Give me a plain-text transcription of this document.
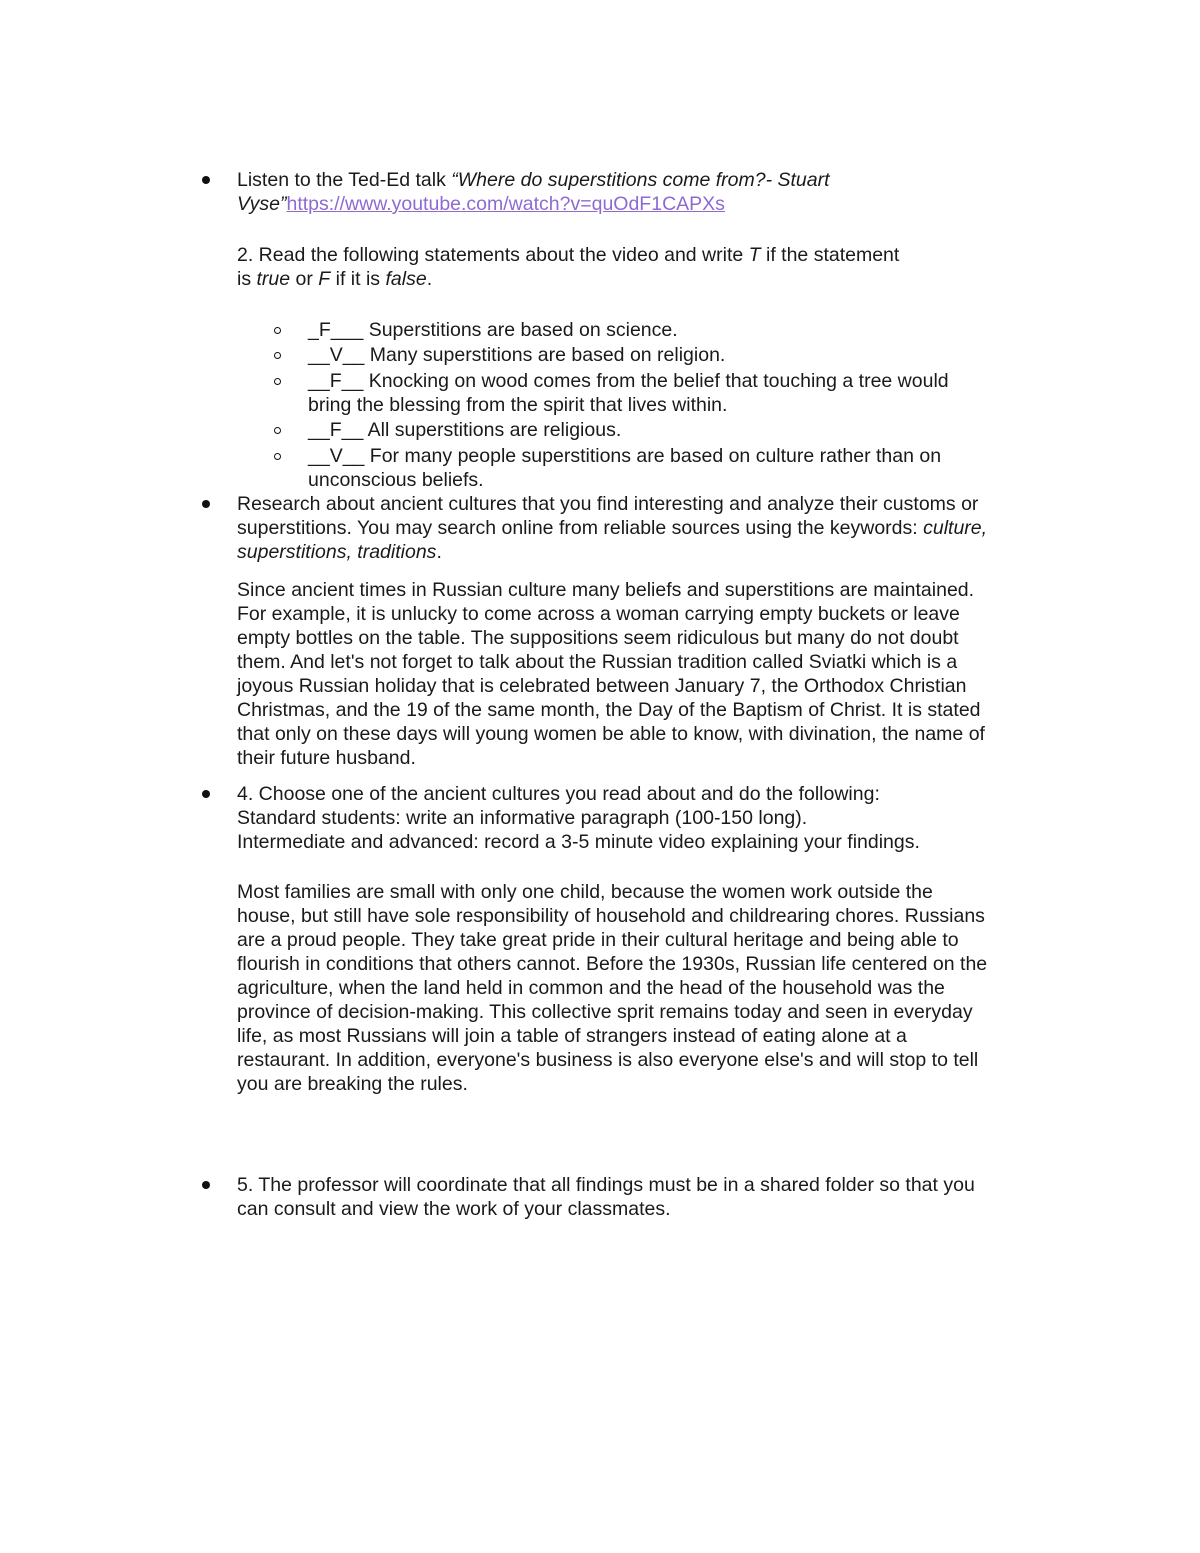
Listen to the Ted-Ed talk “Where do superstitions come from?- Stuart
Vyse”https://www.youtube.com/watch?v=quOdF1CAPXs
2. Read the following statements about the video and write T if the statement
is true or F if it is false.
_F___ Superstitions are based on science.
__V__ Many superstitions are based on religion.
__F__ Knocking on wood comes from the belief that touching a tree would
bring the blessing from the spirit that lives within.
__F__ All superstitions are religious.
__V__ For many people superstitions are based on culture rather than on
unconscious beliefs.
Research about ancient cultures that you find interesting and analyze their customs or
superstitions. You may search online from reliable sources using the keywords: culture,
superstitions, traditions.
Since ancient times in Russian culture many beliefs and superstitions are maintained.
For example, it is unlucky to come across a woman carrying empty buckets or leave
empty bottles on the table. The suppositions seem ridiculous but many do not doubt
them. And let's not forget to talk about the Russian tradition called Sviatki which is a
joyous Russian holiday that is celebrated between January 7, the Orthodox Christian
Christmas, and the 19 of the same month, the Day of the Baptism of Christ. It is stated
that only on these days will young women be able to know, with divination, the name of
their future husband.
4. Choose one of the ancient cultures you read about and do the following:
Standard students: write an informative paragraph (100-150 long).
Intermediate and advanced: record a 3-5 minute video explaining your findings.
Most families are small with only one child, because the women work outside the
house, but still have sole responsibility of household and childrearing chores. Russians
are a proud people. They take great pride in their cultural heritage and being able to
flourish in conditions that others cannot. Before the 1930s, Russian life centered on the
agriculture, when the land held in common and the head of the household was the
province of decision-making. This collective sprit remains today and seen in everyday
life, as most Russians will join a table of strangers instead of eating alone at a
restaurant. In addition, everyone's business is also everyone else's and will stop to tell
you are breaking the rules.
5. The professor will coordinate that all findings must be in a shared folder so that you
can consult and view the work of your classmates.
